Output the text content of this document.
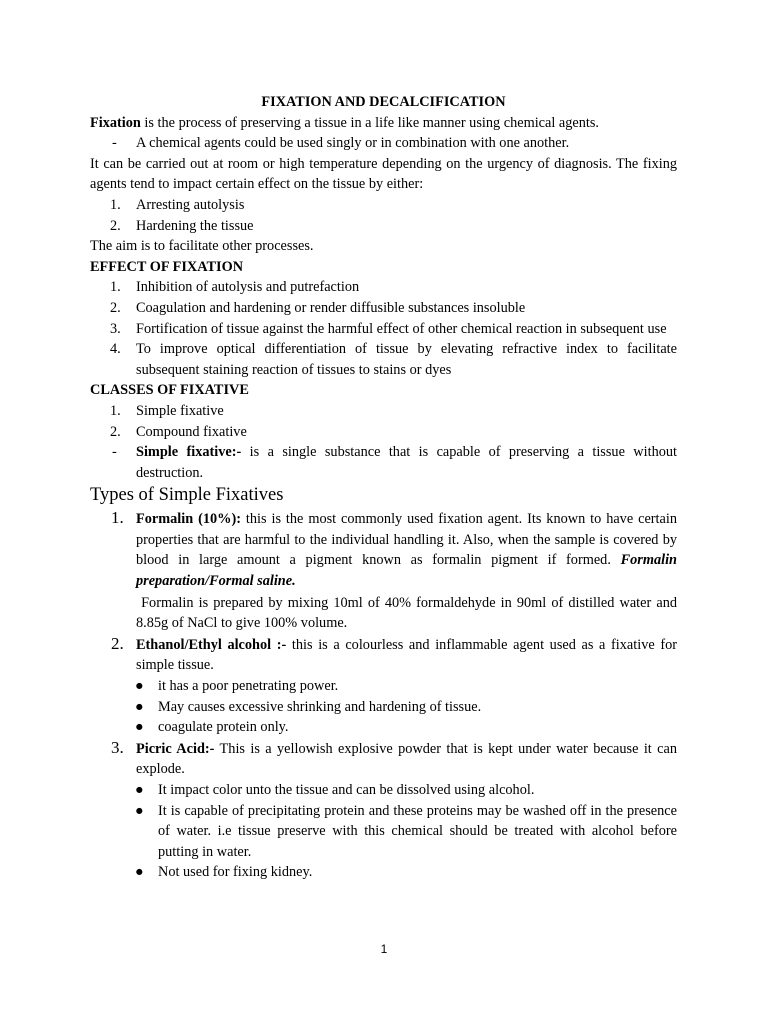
FIXATION AND DECALCIFICATION
Fixation is the process of preserving a tissue in a life like manner using chemical agents.
- A chemical agents could be used singly or in combination with one another.
It can be carried out at room or high temperature depending on the urgency of diagnosis. The fixing agents tend to impact certain effect on the tissue by either:
1. Arresting autolysis
2. Hardening the tissue
The aim is to facilitate other processes.
EFFECT OF FIXATION
1. Inhibition of autolysis and putrefaction
2. Coagulation and hardening or render diffusible substances insoluble
3. Fortification of tissue against the harmful effect of other chemical reaction in subsequent use
4. To improve optical differentiation of tissue by elevating refractive index to facilitate subsequent staining reaction of tissues to stains or dyes
CLASSES OF FIXATIVE
1. Simple fixative
2. Compound fixative
- Simple fixative:- is a single substance that is capable of preserving a tissue without destruction.
Types of Simple Fixatives
1. Formalin (10%): this is the most commonly used fixation agent. Its known to have certain properties that are harmful to the individual handling it. Also, when the sample is covered by blood in large amount a pigment known as formalin pigment if formed. Formalin preparation/Formal saline.
Formalin is prepared by mixing 10ml of 40% formaldehyde in 90ml of distilled water and 8.85g of NaCl to give 100% volume.
2. Ethanol/Ethyl alcohol :- this is a colourless and inflammable agent used as a fixative for simple tissue.
● it has a poor penetrating power.
● May causes excessive shrinking and hardening of tissue.
● coagulate protein only.
3. Picric Acid:- This is a yellowish explosive powder that is kept under water because it can explode.
● It impact color unto the tissue and can be dissolved using alcohol.
● It is capable of precipitating protein and these proteins may be washed off in the presence of water. i.e tissue preserve with this chemical should be treated with alcohol before putting in water.
● Not used for fixing kidney.
1
